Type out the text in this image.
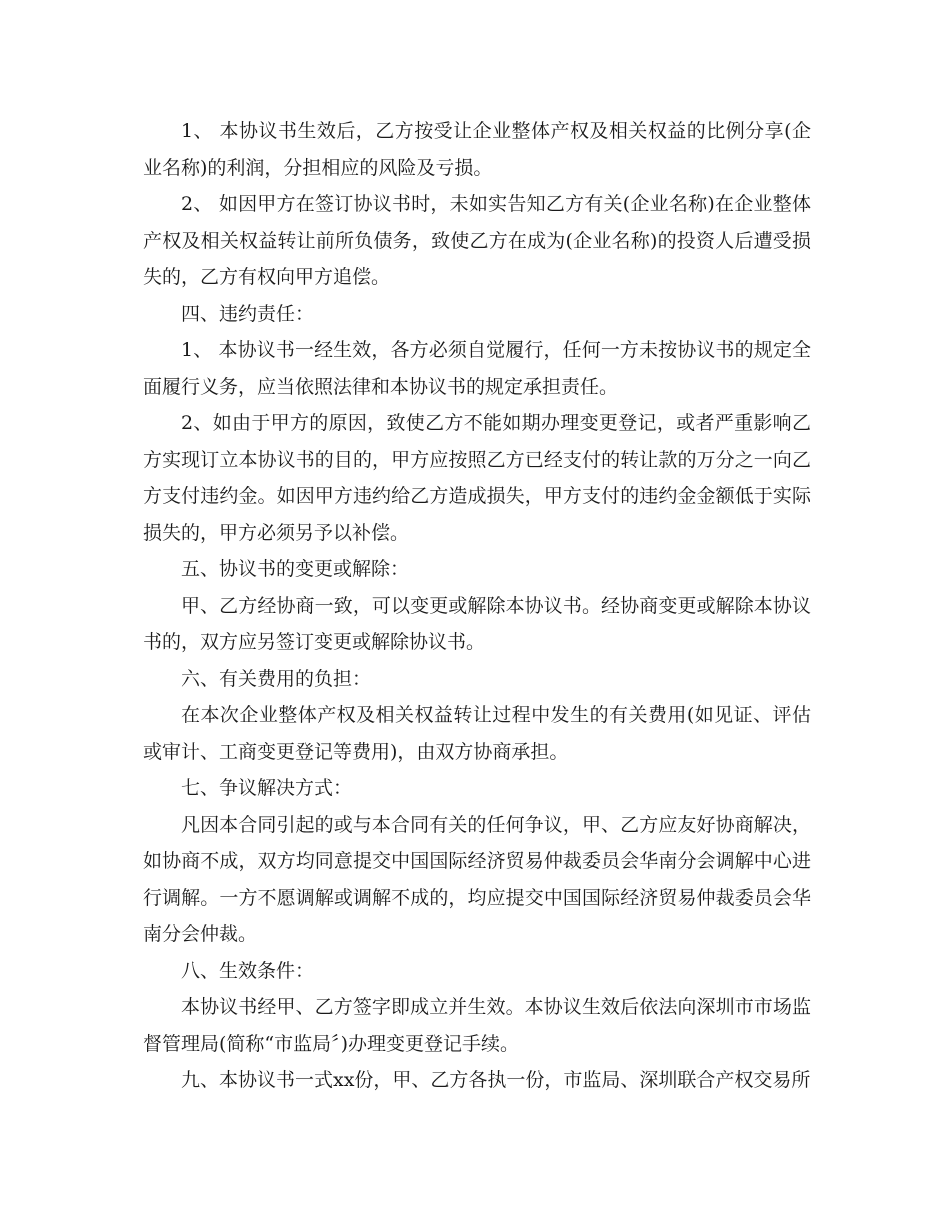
1、 本协议书生效后，乙方按受让企业整体产权及相关权益的比例分享(企业名称)的利润，分担相应的风险及亏损。

2、 如因甲方在签订协议书时，未如实告知乙方有关(企业名称)在企业整体产权及相关权益转让前所负债务，致使乙方在成为(企业名称)的投资人后遭受损失的，乙方有权向甲方追偿。

四、违约责任：

1、 本协议书一经生效，各方必须自觉履行，任何一方未按协议书的规定全面履行义务，应当依照法律和本协议书的规定承担责任。

2、如由于甲方的原因，致使乙方不能如期办理变更登记，或者严重影响乙方实现订立本协议书的目的，甲方应按照乙方已经支付的转让款的万分之一向乙方支付违约金。如因甲方违约给乙方造成损失，甲方支付的违约金金额低于实际损失的，甲方必须另予以补偿。

五、协议书的变更或解除：

甲、乙方经协商一致，可以变更或解除本协议书。经协商变更或解除本协议书的，双方应另签订变更或解除协议书。

六、有关费用的负担：

在本次企业整体产权及相关权益转让过程中发生的有关费用(如见证、评估或审计、工商变更登记等费用)，由双方协商承担。

七、争议解决方式：

凡因本合同引起的或与本合同有关的任何争议，甲、乙方应友好协商解决，如协商不成，双方均同意提交中国国际经济贸易仲裁委员会华南分会调解中心进行调解。一方不愿调解或调解不成的，均应提交中国国际经济贸易仲裁委员会华南分会仲裁。

八、生效条件：

本协议书经甲、乙方签字即成立并生效。本协议生效后依法向深圳市市场监督管理局(简称“市监局〞)办理变更登记手续。

九、本协议书一式xx份，甲、乙方各执一份，市监局、深圳联合产权交易所
